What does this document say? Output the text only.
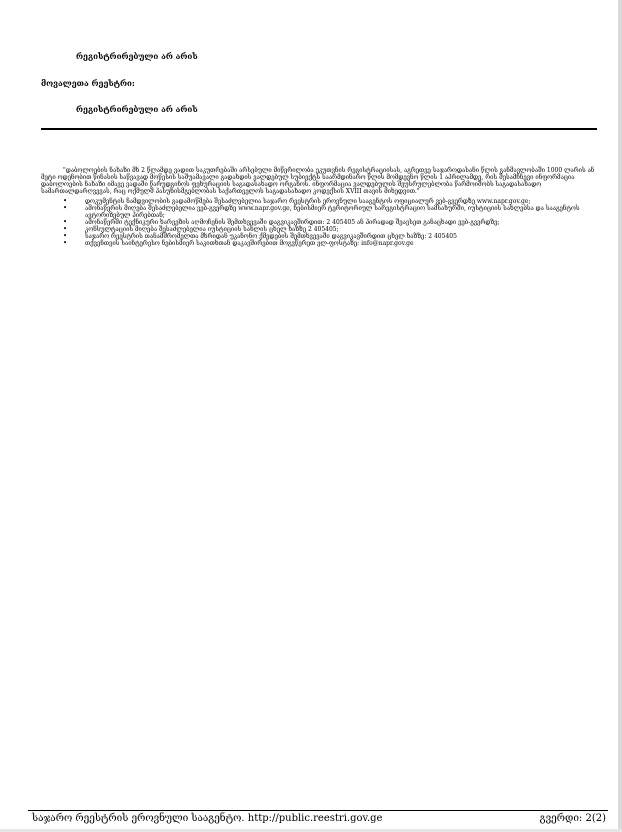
რეგისტრირებული არ არის
მოვალეთა რეესტრი:
რეგისტრირებული არ არის

"დაბოლოების ნახაზი მხ 2 წლამდე ვადით საკუთრებაში არსებული მიწერილობა ეკუთვნის რეგისტრაციისას, აგრეთვე საჯაროდასანი წლის განმავლობაში 1000 ლარის ან მეტი ოდენობით წინასის საწვავად მოწესის საშუამავალი გადახდის ვალდებულ სუბიექტს საარმდინარო წლის მომდევნო წლის 1 აპრილამდე, რის შესამჩნევი ინფორმაცია დაბოლოების ნახაზი იმავე ვადაში წარუდგინოს ფეხურაციის საგადასახადო ორგანოს. ინფორმაცია ვალდებულის შეუსრულებლობა წარმოიშობს საგადასახადო სამართალდარღვევას, რაც ოქმულშ პასუხისმგებლობას საქართველოს საგადასახადო კოდექსის XVIII თავის მიხედვით."

•	დოკუმენტის ნამდვილობის გადამოწმება შესაძლებელია საჯარო რეესტრის ეროვნული სააგენტოს ოფიციალურ ვებ-გვერდზე www.napr.gov.ge;
•	ამონაწერის მიღება შესაძლებელია ვებ-გვერდზე www.napr.gov.ge, ნებისმიერ ტერიტორიულ სარეგისტრაციო სამსახურში, იუსტიციის სახლებსა და სააგენტოს ავტორიზებულ პირებთან;
•	ამონაწერში ტექნიკური ხარვეზის აღმოჩენის შემთხვევაში დაგვიკავშირდით: 2 405405 ან პირადად შეავსეთ განაცხადი ვებ-გვერდზე;
•	კონსულტაციის მიღება შესაძლებელია იუსტიციის სახლის ცხელ ხაზზე 2 405405;
•	საჯარო რეესტრის თანამშრომელთა მხრიდან უკანონო ქმედების შემთხვევაში დაგვიკავშირდით ცხელ ხაზზე: 2 405405
•	თქვენთვის საინტერესო ნებისმიერ საკითხთან დაკავშირებით მოგვწერეთ ელ-ფოსტაზე: info@napr.gov.ge
საჯარო რეესტრის ეროვნული სააგენტო. http://public.reestri.gov.ge	გვერდი: 2(2)
